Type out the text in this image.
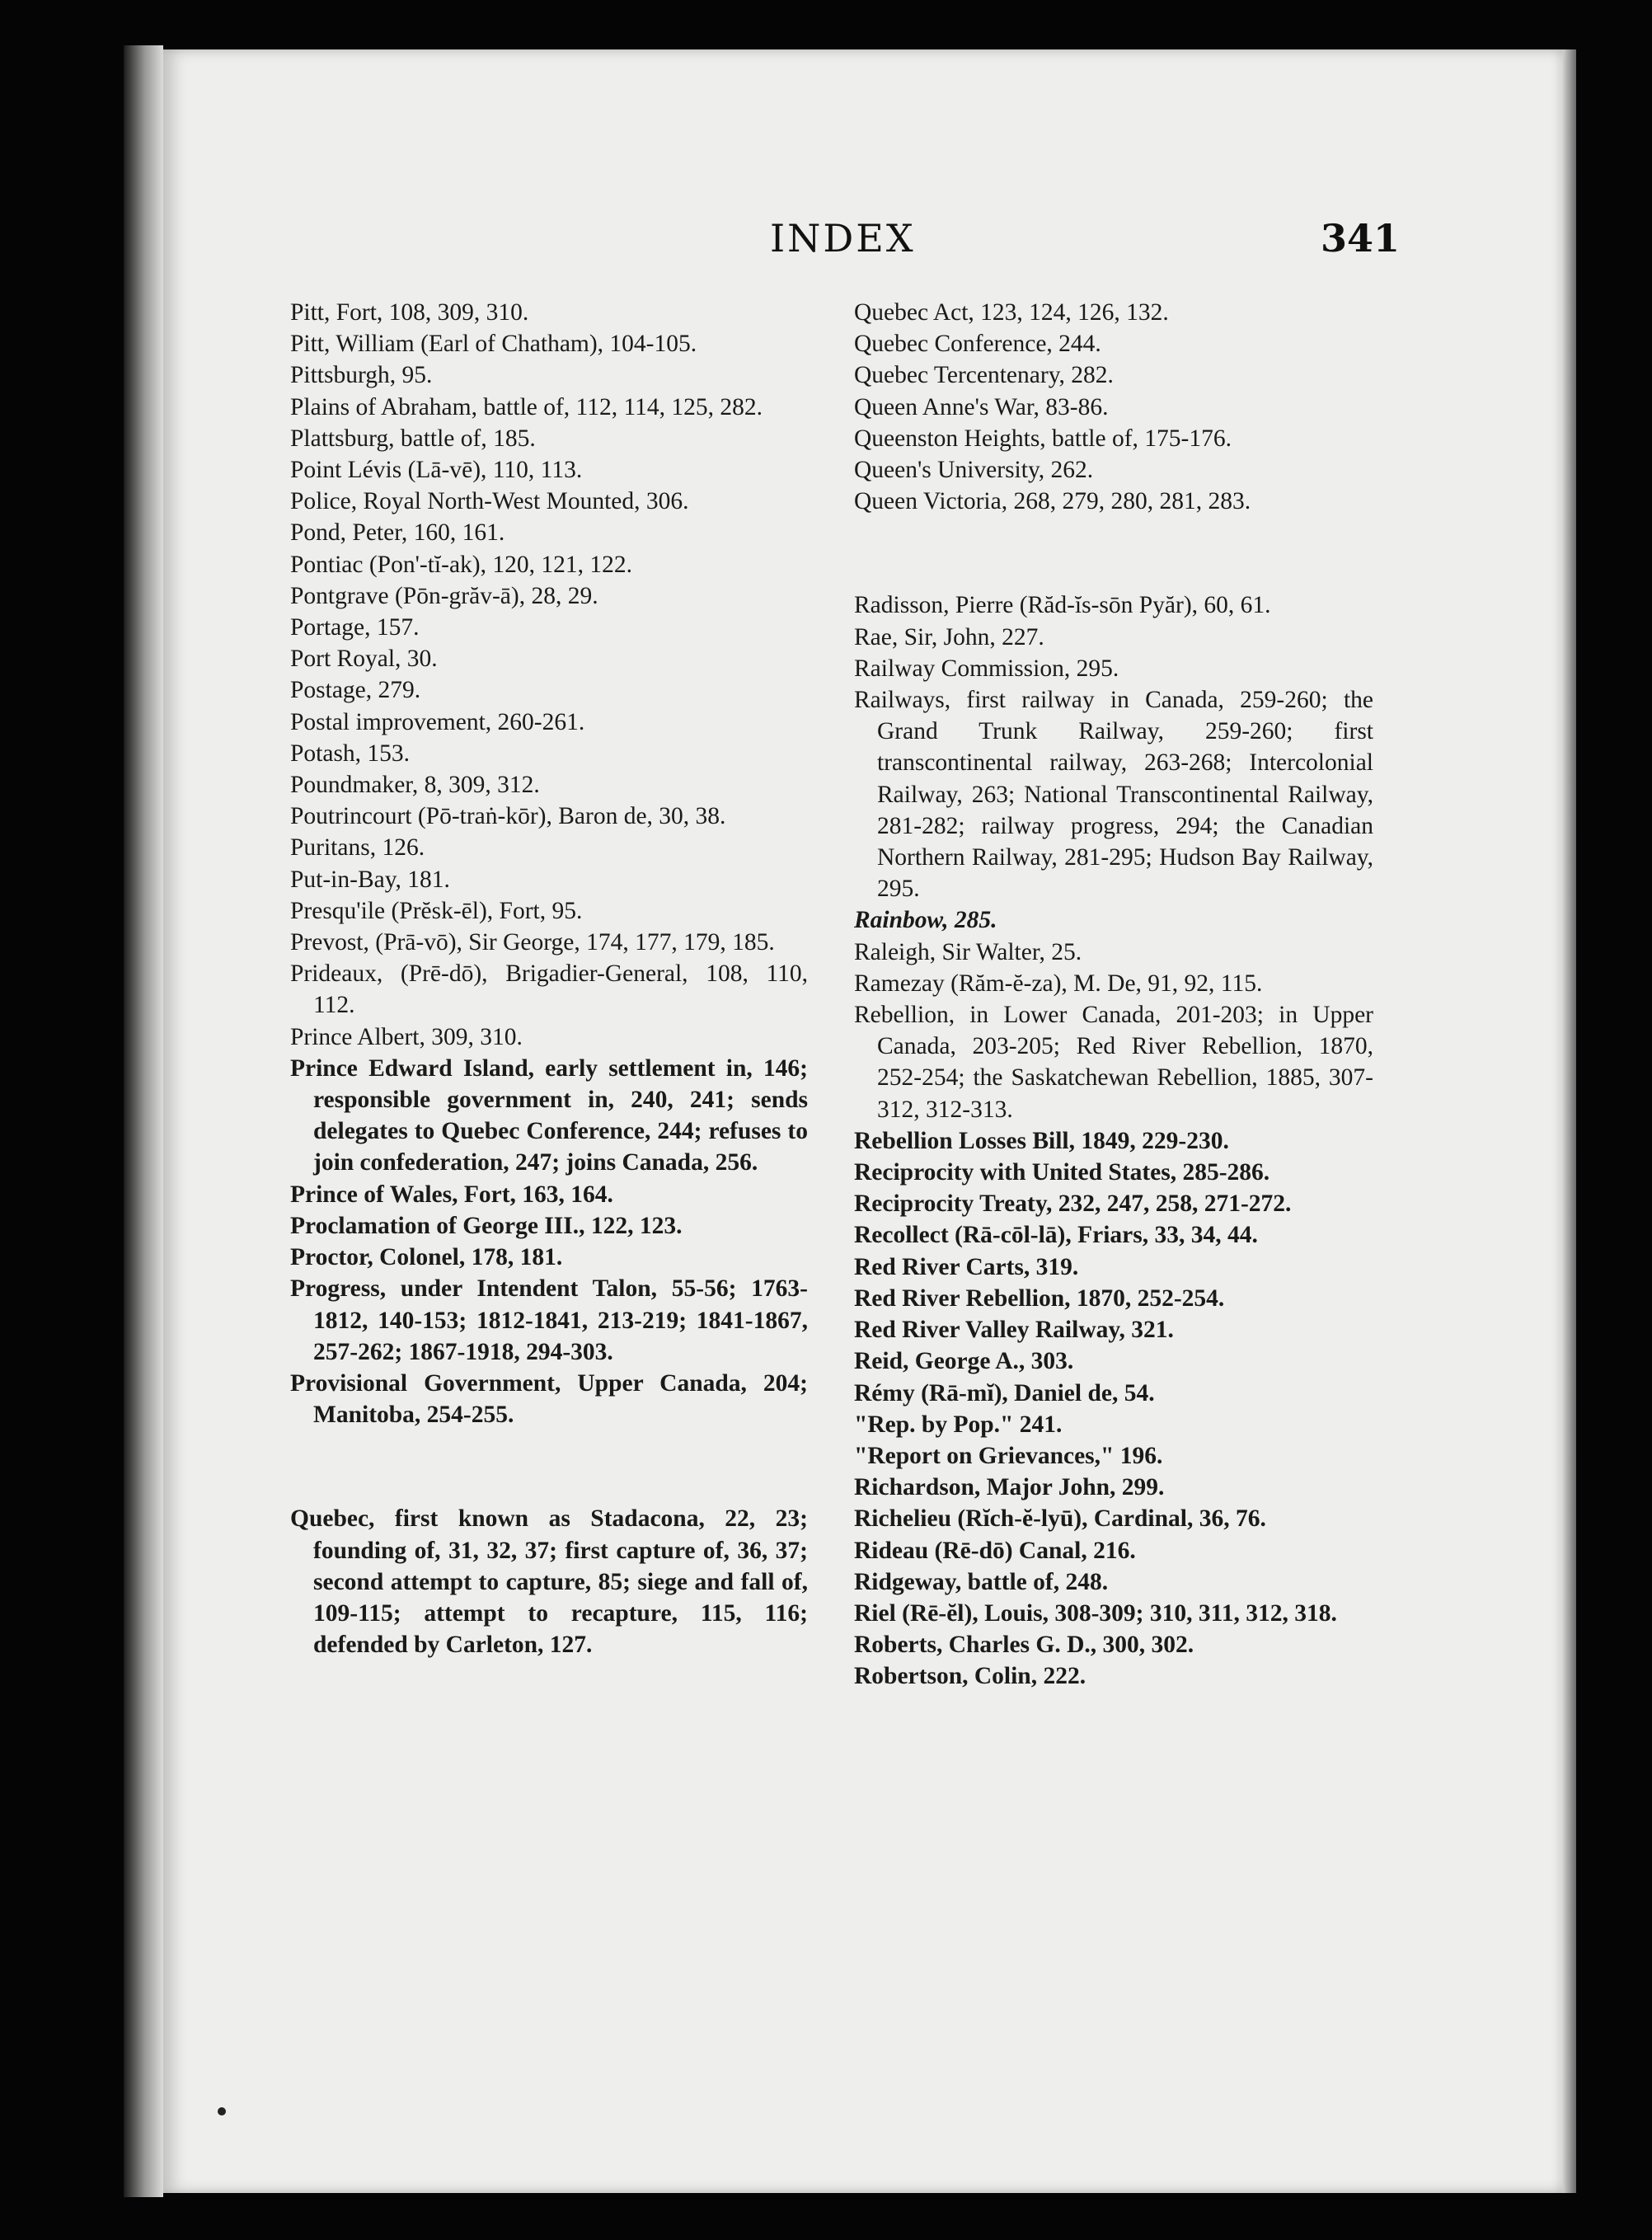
INDEX	341

Pitt, Fort, 108, 309, 310.

Pitt, William (Earl of Chatham), 104-105.

Pittsburgh, 95.

Plains of Abraham, battle of, 112, 114, 125, 282.

Plattsburg, battle of, 185.

Point Lévis (Lā-vē), 110, 113.

Police, Royal North-West Mounted, 306.

Pond, Peter, 160, 161.

Pontiac (Pon'-tĭ-ak), 120, 121, 122.

Pontgrave (Pōn-grăv-ā), 28, 29.

Portage, 157.

Port Royal, 30.

Postage, 279.

Postal improvement, 260-261.

Potash, 153.

Poundmaker, 8, 309, 312.

Poutrincourt (Pō-traṅ-kōr), Baron de, 30, 38.

Puritans, 126.

Put-in-Bay, 181.

Presqu'ile (Prĕsk-ēl), Fort, 95.

Prevost, (Prā-vō), Sir George, 174, 177, 179, 185.

Prideaux, (Prē-dō), Brigadier-General, 108, 110, 112.

Prince Albert, 309, 310.

Prince Edward Island, early settlement in, 146; responsible government in, 240, 241; sends delegates to Quebec Conference, 244; refuses to join confederation, 247; joins Canada, 256.

Prince of Wales, Fort, 163, 164.

Proclamation of George III., 122, 123.

Proctor, Colonel, 178, 181.

Progress, under Intendent Talon, 55-56; 1763-1812, 140-153; 1812-1841, 213-219; 1841-1867, 257-262; 1867-1918, 294-303.

Provisional Government, Upper Canada, 204; Manitoba, 254-255.

Quebec, first known as Stadacona, 22, 23; founding of, 31, 32, 37; first capture of, 36, 37; second attempt to capture, 85; siege and fall of, 109-115; attempt to recapture, 115, 116; defended by Carleton, 127.

Quebec Act, 123, 124, 126, 132.

Quebec Conference, 244.

Quebec Tercentenary, 282.

Queen Anne's War, 83-86.

Queenston Heights, battle of, 175-176.

Queen's University, 262.

Queen Victoria, 268, 279, 280, 281, 283.

Radisson, Pierre (Răd-ĭs-sōn Pyăr), 60, 61.

Rae, Sir, John, 227.

Railway Commission, 295.

Railways, first railway in Canada, 259-260; the Grand Trunk Railway, 259-260; first transcontinental railway, 263-268; Intercolonial Railway, 263; National Transcontinental Railway, 281-282; railway progress, 294; the Canadian Northern Railway, 281-295; Hudson Bay Railway, 295.

Rainbow, 285.

Raleigh, Sir Walter, 25.

Ramezay (Răm-ĕ-za), M. De, 91, 92, 115.

Rebellion, in Lower Canada, 201-203; in Upper Canada, 203-205; Red River Rebellion, 1870, 252-254; the Saskatchewan Rebellion, 1885, 307-312, 312-313.

Rebellion Losses Bill, 1849, 229-230.

Reciprocity with United States, 285-286.

Reciprocity Treaty, 232, 247, 258, 271-272.

Recollect (Rā-cōl-lā), Friars, 33, 34, 44.

Red River Carts, 319.

Red River Rebellion, 1870, 252-254.

Red River Valley Railway, 321.

Reid, George A., 303.

Rémy (Rā-mĭ), Daniel de, 54.

"Rep. by Pop." 241.

"Report on Grievances," 196.

Richardson, Major John, 299.

Richelieu (Rĭch-ĕ-lyū), Cardinal, 36, 76.

Rideau (Rē-dō) Canal, 216.

Ridgeway, battle of, 248.

Riel (Rē-ĕl), Louis, 308-309; 310, 311, 312, 318.

Roberts, Charles G. D., 300, 302.

Robertson, Colin, 222.
